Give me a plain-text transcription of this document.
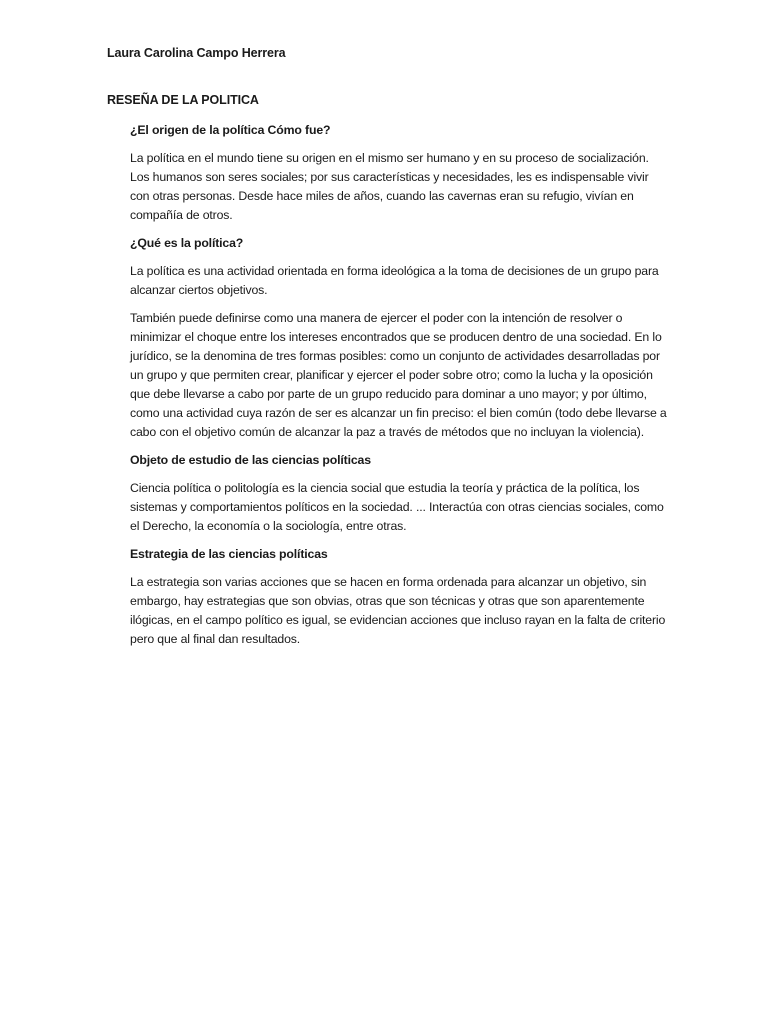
Laura Carolina Campo Herrera
RESEÑA DE LA POLITICA
¿El origen de la política Cómo fue?
La política en el mundo tiene su origen en el mismo ser humano y en su proceso de socialización. Los humanos son seres sociales; por sus características y necesidades, les es indispensable vivir con otras personas. Desde hace miles de años, cuando las cavernas eran su refugio, vivían en compañía de otros.
¿Qué es la política?
La política es una actividad orientada en forma ideológica a la toma de decisiones de un grupo para alcanzar ciertos objetivos.
También puede definirse como una manera de ejercer el poder con la intención de resolver o minimizar el choque entre los intereses encontrados que se producen dentro de una sociedad. En lo jurídico, se la denomina de tres formas posibles: como un conjunto de actividades desarrolladas por un grupo y que permiten crear, planificar y ejercer el poder sobre otro; como la lucha y la oposición que debe llevarse a cabo por parte de un grupo reducido para dominar a uno mayor; y por último, como una actividad cuya razón de ser es alcanzar un fin preciso: el bien común (todo debe llevarse a cabo con el objetivo común de alcanzar la paz a través de métodos que no incluyan la violencia).
Objeto de estudio de las ciencias políticas
Ciencia política o politología es la ciencia social que estudia la teoría y práctica de la política, los sistemas y comportamientos políticos en la sociedad. ... Interactúa con otras ciencias sociales, como el Derecho, la economía o la sociología, entre otras.
Estrategia de las ciencias políticas
La estrategia son varias acciones que se hacen en forma ordenada para alcanzar un objetivo, sin embargo, hay estrategias que son obvias, otras que son técnicas y otras que son aparentemente ilógicas, en el campo político es igual, se evidencian acciones que incluso rayan en la falta de criterio pero que al final dan resultados.
